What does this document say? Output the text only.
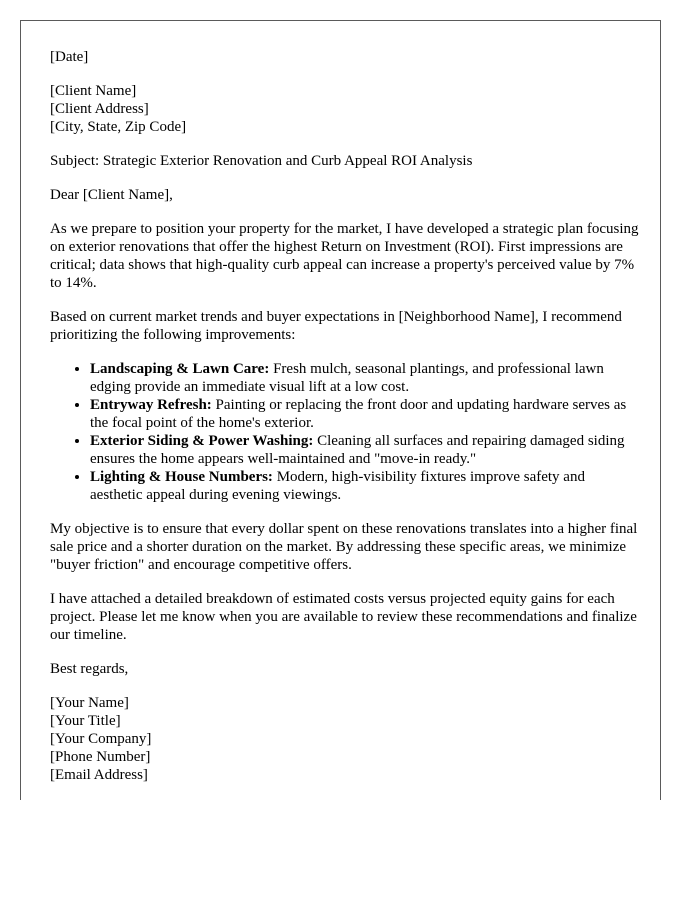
[Date]

[Client Name]
[Client Address]
[City, State, Zip Code]

Subject: Strategic Exterior Renovation and Curb Appeal ROI Analysis

Dear [Client Name],

As we prepare to position your property for the market, I have developed a strategic plan focusing on exterior renovations that offer the highest Return on Investment (ROI). First impressions are critical; data shows that high-quality curb appeal can increase a property's perceived value by 7% to 14%.

Based on current market trends and buyer expectations in [Neighborhood Name], I recommend prioritizing the following improvements:

• Landscaping & Lawn Care: Fresh mulch, seasonal plantings, and professional lawn edging provide an immediate visual lift at a low cost.
• Entryway Refresh: Painting or replacing the front door and updating hardware serves as the focal point of the home's exterior.
• Exterior Siding & Power Washing: Cleaning all surfaces and repairing damaged siding ensures the home appears well-maintained and "move-in ready."
• Lighting & House Numbers: Modern, high-visibility fixtures improve safety and aesthetic appeal during evening viewings.

My objective is to ensure that every dollar spent on these renovations translates into a higher final sale price and a shorter duration on the market. By addressing these specific areas, we minimize "buyer friction" and encourage competitive offers.

I have attached a detailed breakdown of estimated costs versus projected equity gains for each project. Please let me know when you are available to review these recommendations and finalize our timeline.

Best regards,

[Your Name]

[Your Title]

[Your Company]

[Phone Number]

[Email Address]
